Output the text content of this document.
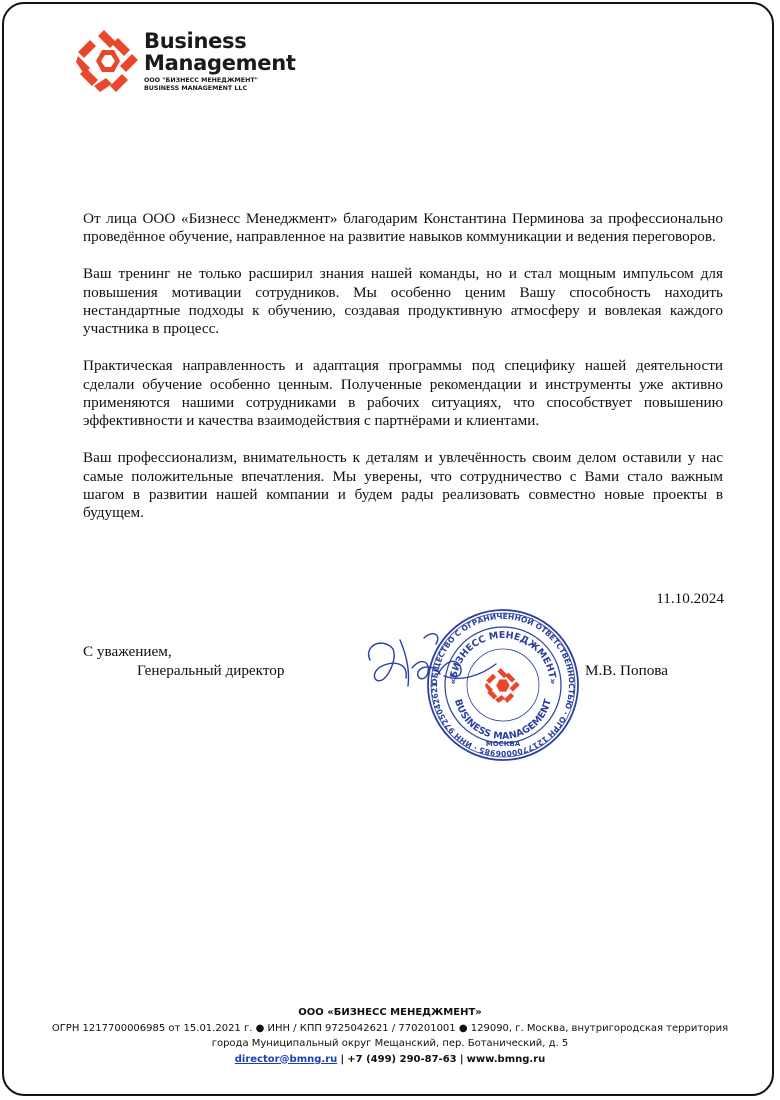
Business
Management
ООО "БИЗНЕСС МЕНЕДЖМЕНТ"
BUSINESS MANAGEMENT LLC

От лица ООО «Бизнесс Менеджмент» благодарим Константина Перминова за профессионально проведённое обучение, направленное на развитие навыков коммуникации и ведения переговоров.

Ваш тренинг не только расширил знания нашей команды, но и стал мощным импульсом для повышения мотивации сотрудников. Мы особенно ценим Вашу способность находить нестандартные подходы к обучению, создавая продуктивную атмосферу и вовлекая каждого участника в процесс.

Практическая направленность и адаптация программы под специфику нашей деятельности сделали обучение особенно ценным. Полученные рекомендации и инструменты уже активно применяются нашими сотрудниками в рабочих ситуациях, что способствует повышению эффективности и качества взаимодействия с партнёрами и клиентами.

Ваш профессионализм, внимательность к деталям и увлечённость своим делом оставили у нас самые положительные впечатления. Мы уверены, что сотрудничество с Вами стало важным шагом в развитии нашей компании и будем рады реализовать совместно новые проекты в будущем.

11.10.2024
С уважением,
Генеральный директор	М.В. Попова
ОБЩЕСТВО С ОГРАНИЧЕННОЙ ОТВЕТСТВЕННОСТЬЮ · ОГРН 1217700006985 · ИНН 9725042621
«БИЗНЕСС МЕНЕДЖМЕНТ»
BUSINESS MANAGEMENT
МОСКВА
ООО «БИЗНЕСС МЕНЕДЖМЕНТ»
ОГРН 1217700006985 от 15.01.2021 г. ● ИНН / КПП 9725042621 / 770201001 ● 129090, г. Москва, внутригородская территория
города Муниципальный округ Мещанский, пер. Ботанический, д. 5
director@bmng.ru | +7 (499) 290-87-63 | www.bmng.ru
